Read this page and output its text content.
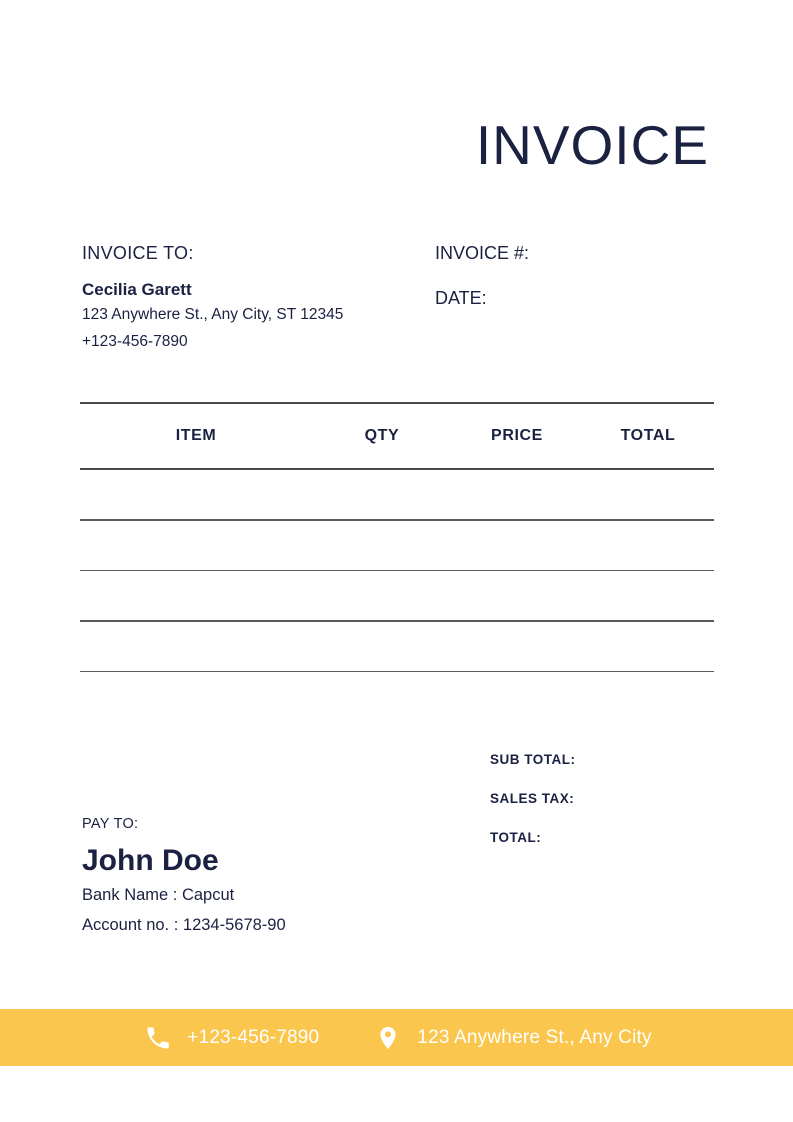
INVOICE
INVOICE TO:
Cecilia Garett
123 Anywhere St., Any City, ST 12345
+123-456-7890
INVOICE #:
DATE:
ITEM	QTY	PRICE	TOTAL
SUB TOTAL:
SALES TAX:
TOTAL:
PAY TO:
John Doe
Bank Name : Capcut
Account no. : 1234-5678-90
+123-456-7890	123 Anywhere St., Any City
